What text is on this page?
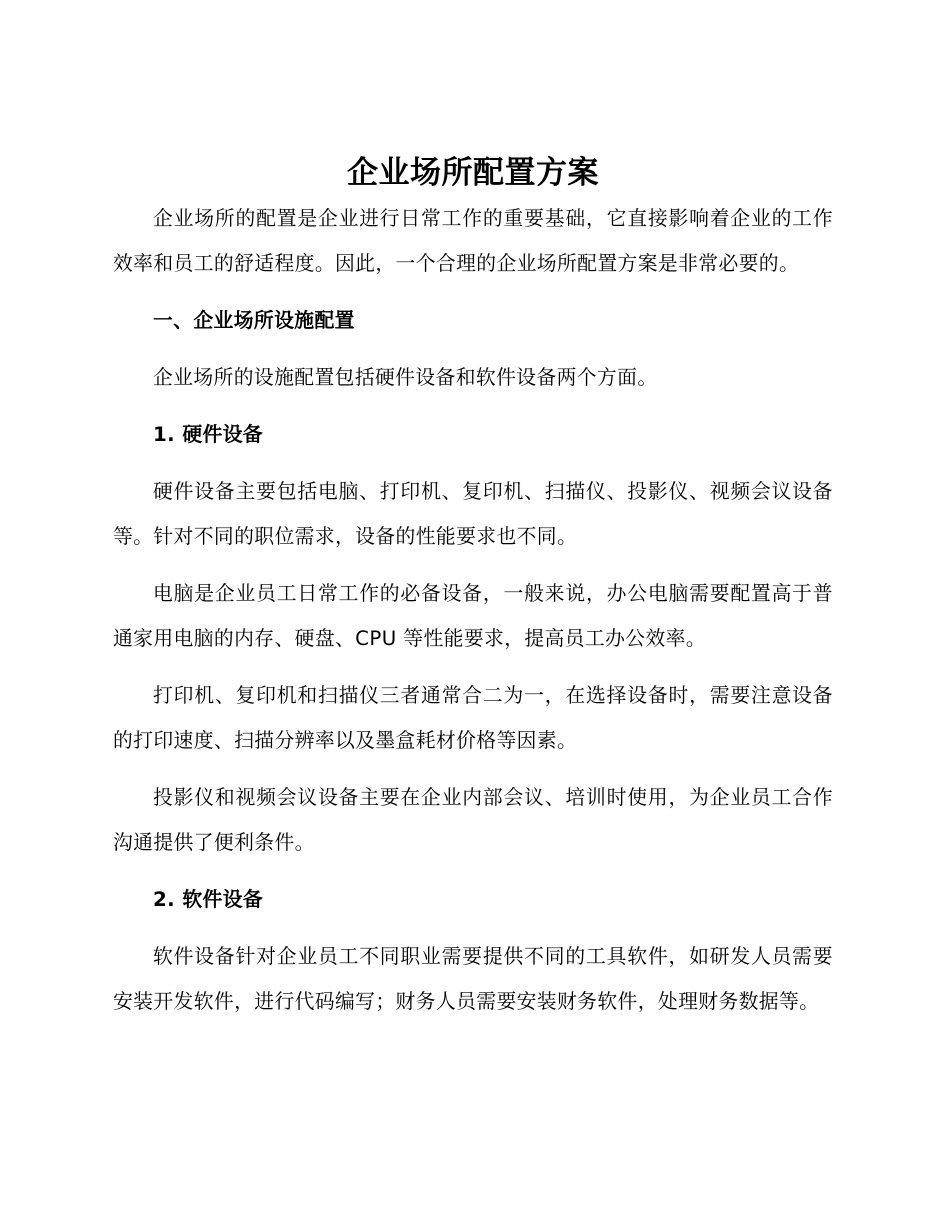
企业场所配置方案

企业场所的配置是企业进行日常工作的重要基础，它直接影响着企业的工作效率和员工的舒适程度。因此，一个合理的企业场所配置方案是非常必要的。

一、企业场所设施配置

企业场所的设施配置包括硬件设备和软件设备两个方面。

1. 硬件设备

硬件设备主要包括电脑、打印机、复印机、扫描仪、投影仪、视频会议设备等。针对不同的职位需求，设备的性能要求也不同。

电脑是企业员工日常工作的必备设备，一般来说，办公电脑需要配置高于普通家用电脑的内存、硬盘、CPU 等性能要求，提高员工办公效率。

打印机、复印机和扫描仪三者通常合二为一，在选择设备时，需要注意设备的打印速度、扫描分辨率以及墨盒耗材价格等因素。

投影仪和视频会议设备主要在企业内部会议、培训时使用，为企业员工合作沟通提供了便利条件。

2. 软件设备

软件设备针对企业员工不同职业需要提供不同的工具软件，如研发人员需要安装开发软件，进行代码编写；财务人员需要安装财务软件，处理财务数据等。
